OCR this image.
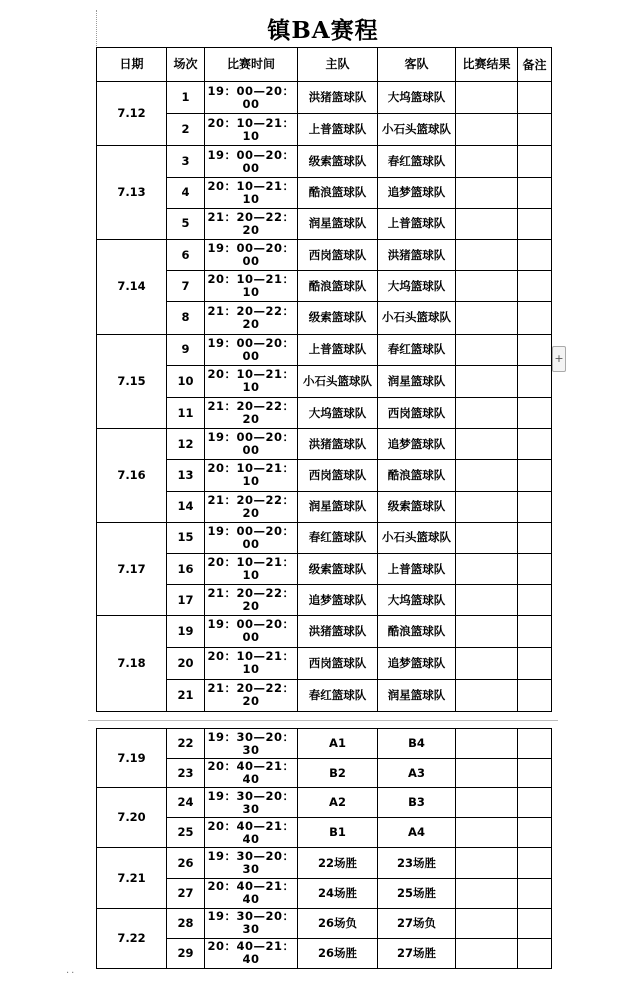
镇BA赛程
日期	场次	比赛时间	主队	客队	比赛结果	备注
7.12	1	19：00—20：00	洪猪篮球队	大坞篮球队		
	2	20：10—21：10	上普篮球队	小石头篮球队		
7.13	3	19：00—20：00	级索篮球队	春红篮球队		
	4	20：10—21：10	酷浪篮球队	追梦篮球队		
	5	21：20—22：20	润星篮球队	上普篮球队		
7.14	6	19：00—20：00	西岗篮球队	洪猪篮球队		
	7	20：10—21：10	酷浪篮球队	大坞篮球队		
	8	21：20—22：20	级索篮球队	小石头篮球队		
7.15	9	19：00—20：00	上普篮球队	春红篮球队		
	10	20：10—21：10	小石头篮球队	润星篮球队		
	11	21：20—22：20	大坞篮球队	西岗篮球队		
7.16	12	19：00—20：00	洪猪篮球队	追梦篮球队		
	13	20：10—21：10	西岗篮球队	酷浪篮球队		
	14	21：20—22：20	润星篮球队	级索篮球队		
7.17	15	19：00—20：00	春红篮球队	小石头篮球队		
	16	20：10—21：10	级索篮球队	上普篮球队		
	17	21：20—22：20	追梦篮球队	大坞篮球队		
7.18	19	19：00—20：00	洪猪篮球队	酷浪篮球队		
	20	20：10—21：10	西岗篮球队	追梦篮球队		
	21	21：20—22：20	春红篮球队	润星篮球队		
+
7.19	22	19：30—20：30	A1	B4		
	23	20：40—21：40	B2	A3		
7.20	24	19：30—20：30	A2	B3		
	25	20：40—21：40	B1	A4		
7.21	26	19：30—20：30	22场胜	23场胜		
	27	20：40—21：40	24场胜	25场胜		
7.22	28	19：30—20：30	26场负	27场负		
	29	20：40—21：40	26场胜	27场胜		
··
